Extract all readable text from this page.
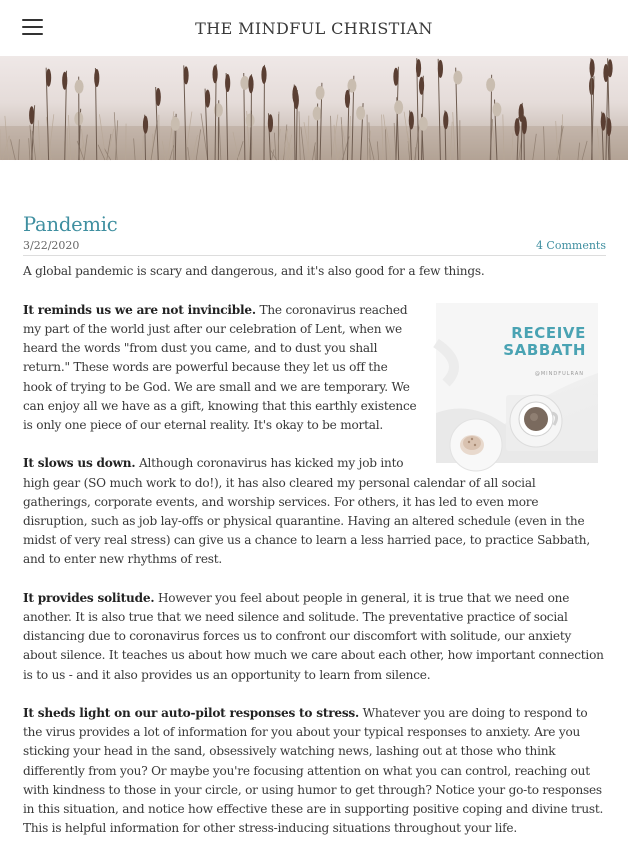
THE MINDFUL CHRISTIAN
Pandemic
3/22/2020	4 Comments

A global pandemic is scary and dangerous, and it's also good for a few things.

RECEIVE
SABBATH
@MINDFULRAN

It reminds us we are not invincible. The coronavirus reached my part of the world just after our celebration of Lent, when we heard the words "from dust you came, and to dust you shall return." These words are powerful because they let us off the hook of trying to be God. We are small and we are temporary. We can enjoy all we have as a gift, knowing that this earthly existence is only one piece of our eternal reality. It's okay to be mortal.

It slows us down. Although coronavirus has kicked my job into high gear (SO much work to do!), it has also cleared my personal calendar of all social gatherings, corporate events, and worship services. For others, it has led to even more disruption, such as job lay-offs or physical quarantine. Having an altered schedule (even in the midst of very real stress) can give us a chance to learn a less harried pace, to practice Sabbath, and to enter new rhythms of rest.

It provides solitude. However you feel about people in general, it is true that we need one another. It is also true that we need silence and solitude. The preventative practice of social distancing due to coronavirus forces us to confront our discomfort with solitude, our anxiety about silence. It teaches us about how much we care about each other, how important connection is to us - and it also provides us an opportunity to learn from silence.

It sheds light on our auto-pilot responses to stress. Whatever you are doing to respond to the virus provides a lot of information for you about your typical responses to anxiety. Are you sticking your head in the sand, obsessively watching news, lashing out at those who think differently from you? Or maybe you're focusing attention on what you can control, reaching out with kindness to those in your circle, or using humor to get through? Notice your go-to responses in this situation, and notice how effective these are in supporting positive coping and divine trust. This is helpful information for other stress-inducing situations throughout your life.
